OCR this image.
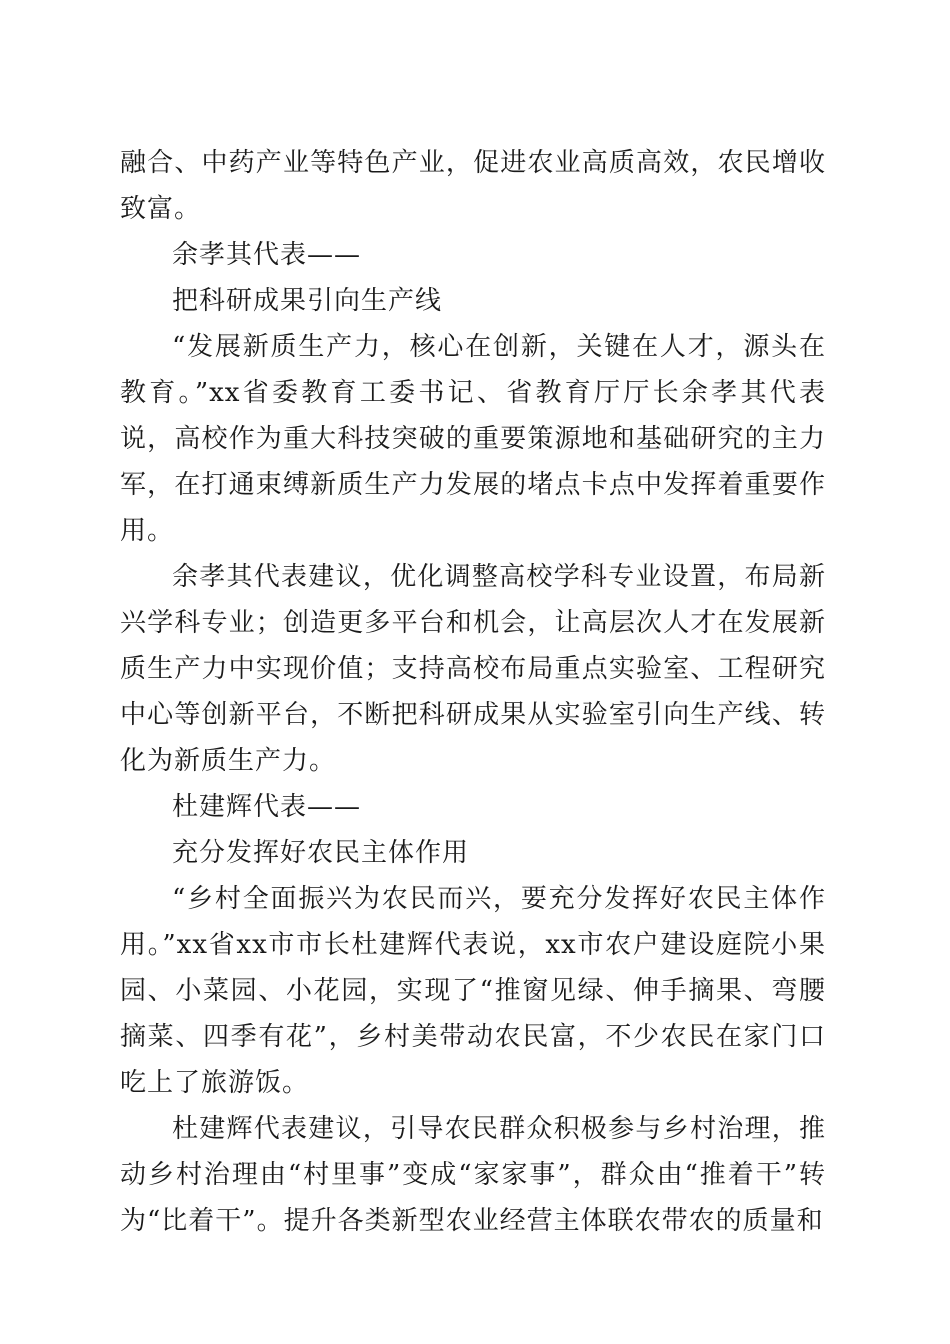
融合、中药产业等特色产业，促进农业高质高效，农民增收致富。

余孝其代表——

把科研成果引向生产线

“发展新质生产力，核心在创新，关键在人才，源头在教育。”xx省委教育工委书记、省教育厅厅长余孝其代表说，高校作为重大科技突破的重要策源地和基础研究的主力军，在打通束缚新质生产力发展的堵点卡点中发挥着重要作用。

余孝其代表建议，优化调整高校学科专业设置，布局新兴学科专业；创造更多平台和机会，让高层次人才在发展新质生产力中实现价值；支持高校布局重点实验室、工程研究中心等创新平台，不断把科研成果从实验室引向生产线、转化为新质生产力。

杜建辉代表——

充分发挥好农民主体作用

“乡村全面振兴为农民而兴，要充分发挥好农民主体作用。”xx省xx市市长杜建辉代表说，xx市农户建设庭院小果园、小菜园、小花园，实现了“推窗见绿、伸手摘果、弯腰摘菜、四季有花”，乡村美带动农民富，不少农民在家门口吃上了旅游饭。

杜建辉代表建议，引导农民群众积极参与乡村治理，推动乡村治理由“村里事”变成“家家事”，群众由“推着干”转为“比着干”。提升各类新型农业经营主体联农带农的质量和
